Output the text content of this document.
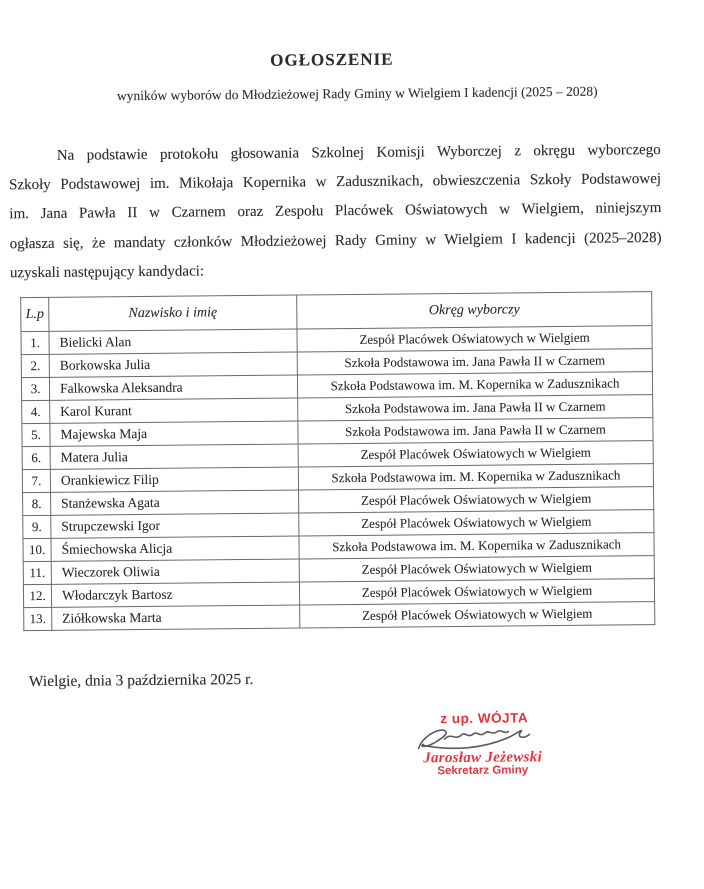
OGŁOSZENIE
wyników wyborów do Młodzieżowej Rady Gminy w Wielgiem I kadencji (2025 – 2028)
Na podstawie protokołu głosowania Szkolnej Komisji Wyborczej z okręgu wyborczego
Szkoły Podstawowej im. Mikołaja Kopernika w Zadusznikach, obwieszczenia Szkoły Podstawowej
im. Jana Pawła II w Czarnem oraz Zespołu Placówek Oświatowych w Wielgiem, niniejszym
ogłasza się, że mandaty członków Młodzieżowej Rady Gminy w Wielgiem I kadencji (2025–2028)
uzyskali następujący kandydaci:
L.p	Nazwisko i imię	Okręg wyborczy
1.	Bielicki Alan	Zespół Placówek Oświatowych w Wielgiem
2.	Borkowska Julia	Szkoła Podstawowa im. Jana Pawła II w Czarnem
3.	Falkowska Aleksandra	Szkoła Podstawowa im. M. Kopernika w Zadusznikach
4.	Karol Kurant	Szkoła Podstawowa im. Jana Pawła II w Czarnem
5.	Majewska Maja	Szkoła Podstawowa im. Jana Pawła II w Czarnem
6.	Matera Julia	Zespół Placówek Oświatowych w Wielgiem
7.	Orankiewicz Filip	Szkoła Podstawowa im. M. Kopernika w Zadusznikach
8.	Stanżewska Agata	Zespół Placówek Oświatowych w Wielgiem
9.	Strupczewski Igor	Zespół Placówek Oświatowych w Wielgiem
10.	Śmiechowska Alicja	Szkoła Podstawowa im. M. Kopernika w Zadusznikach
11.	Wieczorek Oliwia	Zespół Placówek Oświatowych w Wielgiem
12.	Włodarczyk Bartosz	Zespół Placówek Oświatowych w Wielgiem
13.	Ziółkowska Marta	Zespół Placówek Oświatowych w Wielgiem
Wielgie, dnia 3 października 2025 r.
z up. WÓJTA
Jarosław Jeżewski
Sekretarz Gminy
